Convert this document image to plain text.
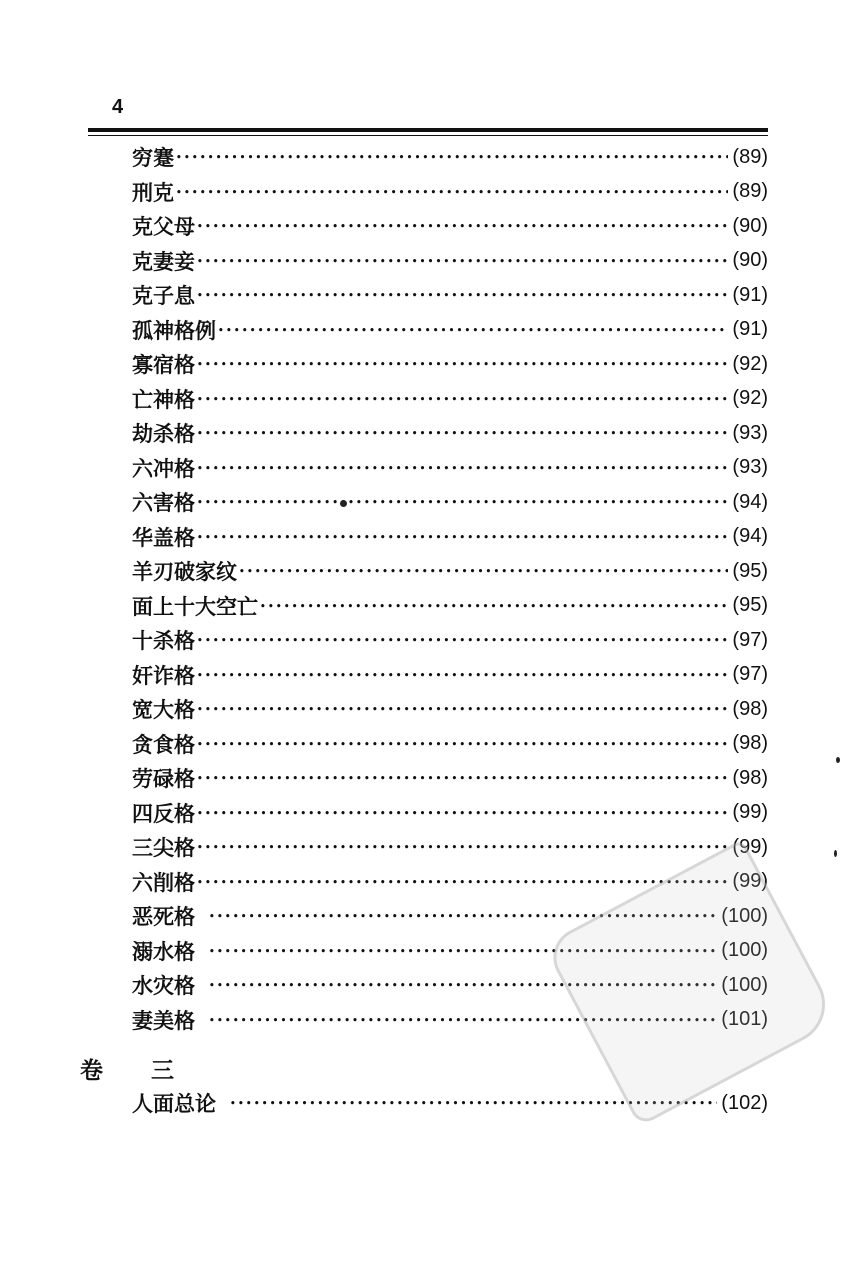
4
穷蹇 •••••	(89)
刑克 •••••	(89)
克父母 •••••	(90)
克妻妾 •••••	(90)
克子息 •••••	(91)
孤神格例 •••••	(91)
寡宿格 •••••	(92)
亡神格 •••••	(92)
劫杀格 •••••	(93)
六冲格 •••••	(93)
六害格 •••••	(94)
华盖格 •••••	(94)
羊刃破家纹 •••••	(95)
面上十大空亡 •••••	(95)
十杀格 •••••	(97)
奸诈格 •••••	(97)
宽大格 •••••	(98)
贪食格 •••••	(98)
劳碌格 •••••	(98)
四反格 •••••	(99)
三尖格 •••••	(99)
六削格 •••••	(99)
恶死格 •••••	(100)
溺水格 •••••	(100)
水灾格 •••••	(100)
妻美格 •••••	(101)
卷 三
人面总论 •••••	(102)
